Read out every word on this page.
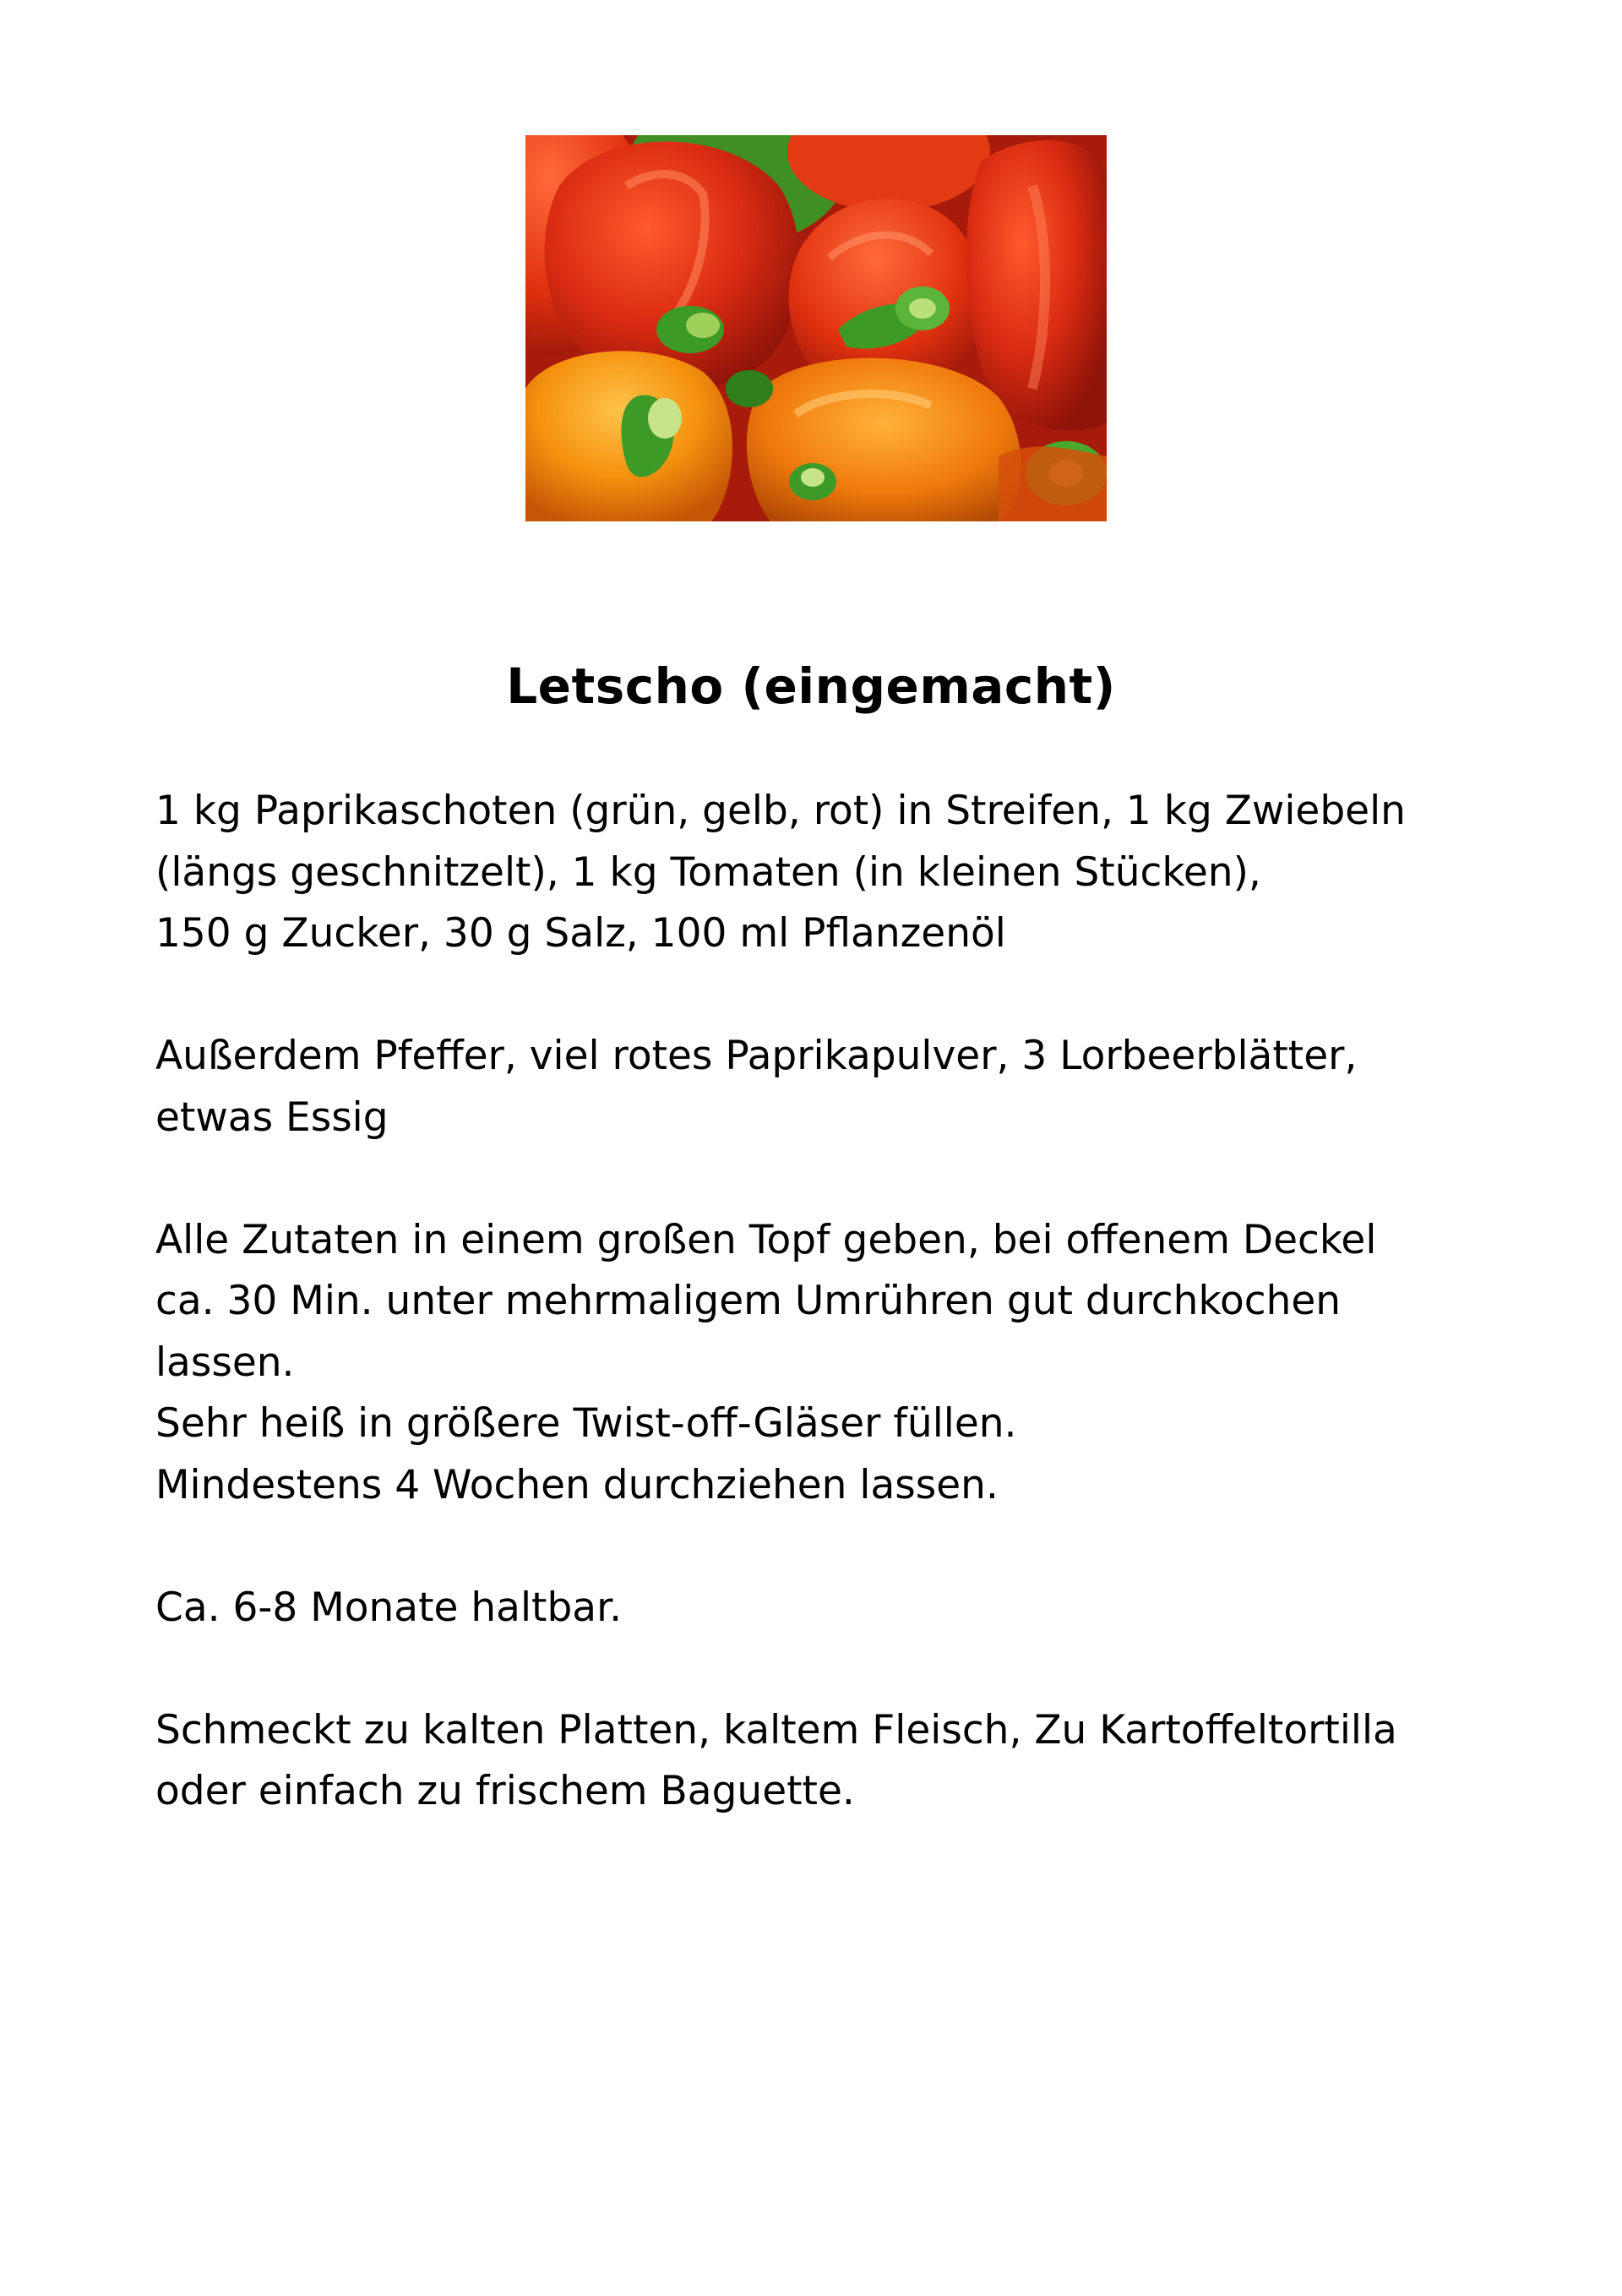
Letscho (eingemacht)
1 kg Paprikaschoten (grün, gelb, rot) in Streifen, 1 kg Zwiebeln
(längs geschnitzelt), 1 kg Tomaten (in kleinen Stücken),
150 g Zucker, 30 g Salz, 100 ml Pflanzenöl
Außerdem Pfeffer, viel rotes Paprikapulver, 3 Lorbeerblätter,
etwas Essig
Alle Zutaten in einem großen Topf geben, bei offenem Deckel
ca. 30 Min. unter mehrmaligem Umrühren gut durchkochen
lassen.
Sehr heiß in größere Twist-off-Gläser füllen.
Mindestens 4 Wochen durchziehen lassen.
Ca. 6-8 Monate haltbar.
Schmeckt zu kalten Platten, kaltem Fleisch, Zu Kartoffeltortilla
oder einfach zu frischem Baguette.
